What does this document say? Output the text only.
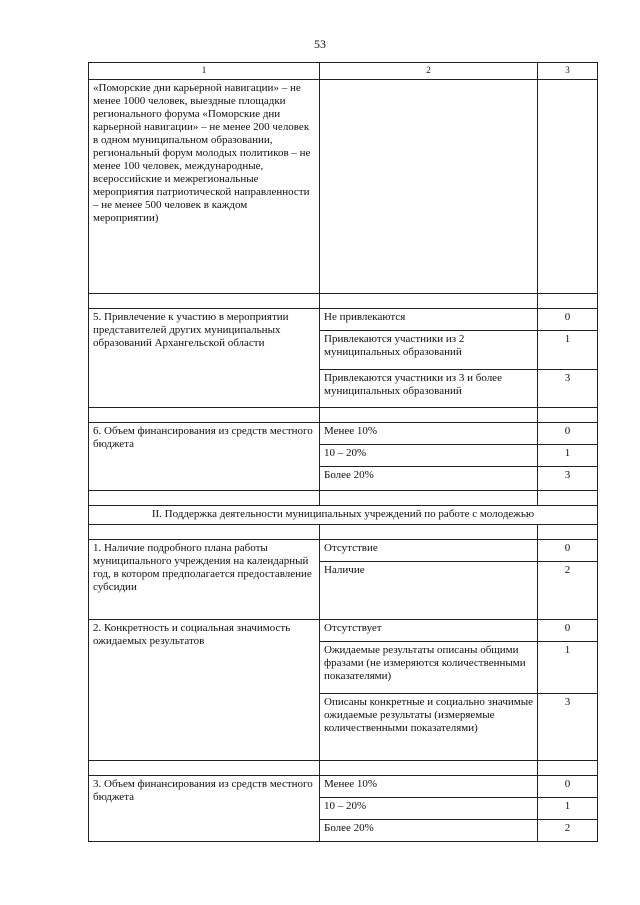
53
1	2	3
«Поморские дни карьерной навигации» – не менее 1000 человек, выездные площадки регионального форума «Поморские дни карьерной навигации» – не менее 200 человек в одном муниципальном образовании, региональный форум молодых политиков – не менее 100 человек, международные, всероссийские и межрегиональные мероприятия патриотической направленности – не менее 500 человек в каждом мероприятии)		

5. Привлечение к участию в мероприятии представителей других муниципальных образований Архангельской области	Не привлекаются	0
	Привлекаются участники из 2 муниципальных образований	1
	Привлекаются участники из 3 и более муниципальных образований	3

6. Объем финансирования из средств местного бюджета	Менее 10%	0
	10 – 20%	1
	Более 20%	3

II. Поддержка деятельности муниципальных учреждений по работе с молодежью		

1. Наличие подробного плана работы муниципального учреждения на календарный год, в котором предполагается предоставление субсидии	Отсутствие	0
	Наличие	2
2. Конкретность и социальная значимость ожидаемых результатов	Отсутствует	0
	Ожидаемые результаты описаны общими фразами (не измеряются количественными показателями)	1
	Описаны конкретные и социально значимые ожидаемые результаты (измеряемые количественными показателями)	3

3. Объем финансирования из средств местного бюджета	Менее 10%	0
	10 – 20%	1
	Более 20%	2
